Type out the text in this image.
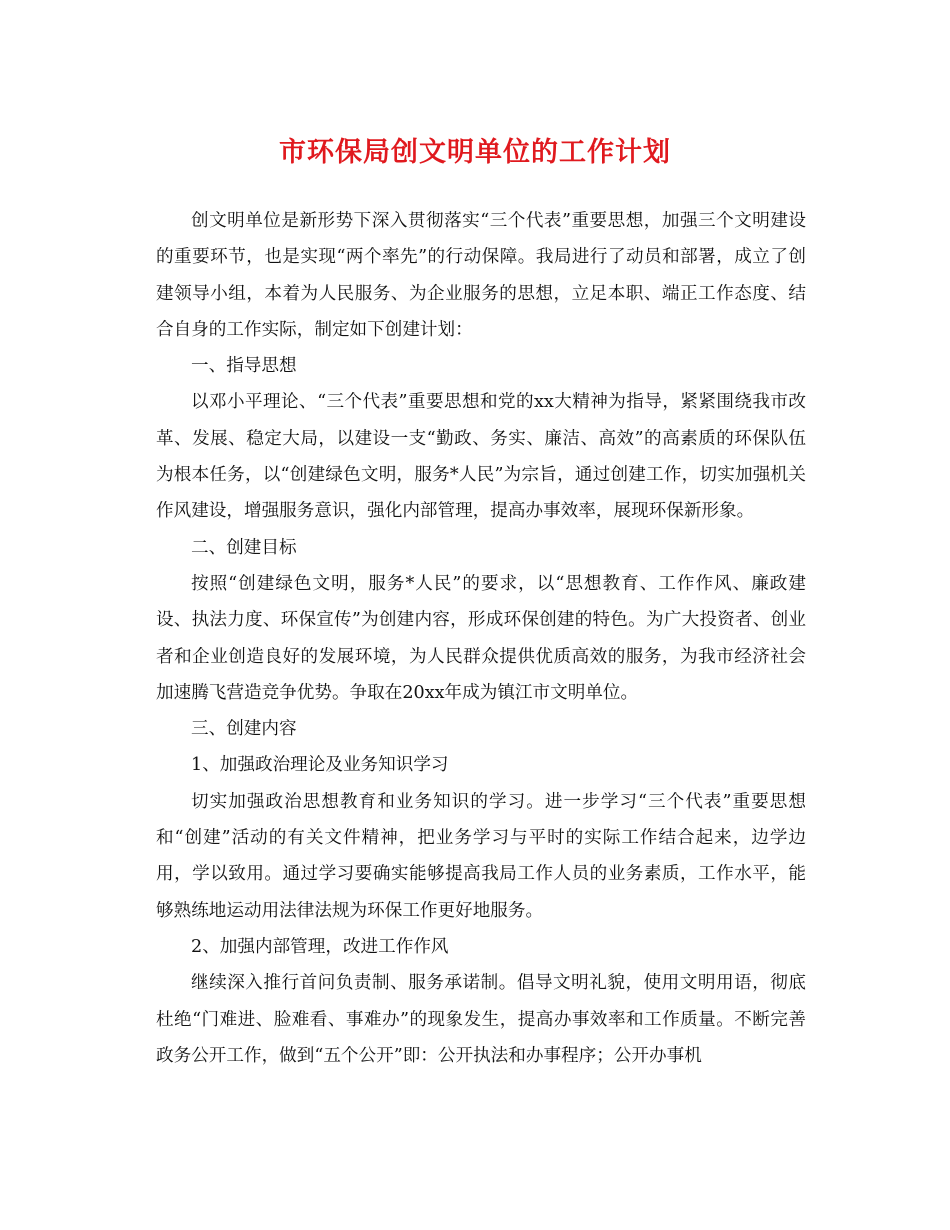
市环保局创文明单位的工作计划

创文明单位是新形势下深入贯彻落实“三个代表”重要思想，加强三个文明建设的重要环节，也是实现“两个率先”的行动保障。我局进行了动员和部署，成立了创建领导小组，本着为人民服务、为企业服务的思想，立足本职、端正工作态度、结合自身的工作实际，制定如下创建计划：

一、指导思想

以邓小平理论、“三个代表”重要思想和党的xx大精神为指导，紧紧围绕我市改革、发展、稳定大局，以建设一支“勤政、务实、廉洁、高效”的高素质的环保队伍为根本任务，以“创建绿色文明，服务*人民”为宗旨，通过创建工作，切实加强机关作风建设，增强服务意识，强化内部管理，提高办事效率，展现环保新形象。

二、创建目标

按照“创建绿色文明，服务*人民”的要求，以“思想教育、工作作风、廉政建设、执法力度、环保宣传”为创建内容，形成环保创建的特色。为广大投资者、创业者和企业创造良好的发展环境，为人民群众提供优质高效的服务，为我市经济社会加速腾飞营造竞争优势。争取在20xx年成为镇江市文明单位。

三、创建内容

1、加强政治理论及业务知识学习

切实加强政治思想教育和业务知识的学习。进一步学习“三个代表”重要思想和“创建”活动的有关文件精神，把业务学习与平时的实际工作结合起来，边学边用，学以致用。通过学习要确实能够提高我局工作人员的业务素质，工作水平，能够熟练地运动用法律法规为环保工作更好地服务。

2、加强内部管理，改进工作作风

继续深入推行首问负责制、服务承诺制。倡导文明礼貌，使用文明用语，彻底杜绝“门难进、脸难看、事难办”的现象发生，提高办事效率和工作质量。不断完善政务公开工作，做到“五个公开”即：公开执法和办事程序；公开办事机
